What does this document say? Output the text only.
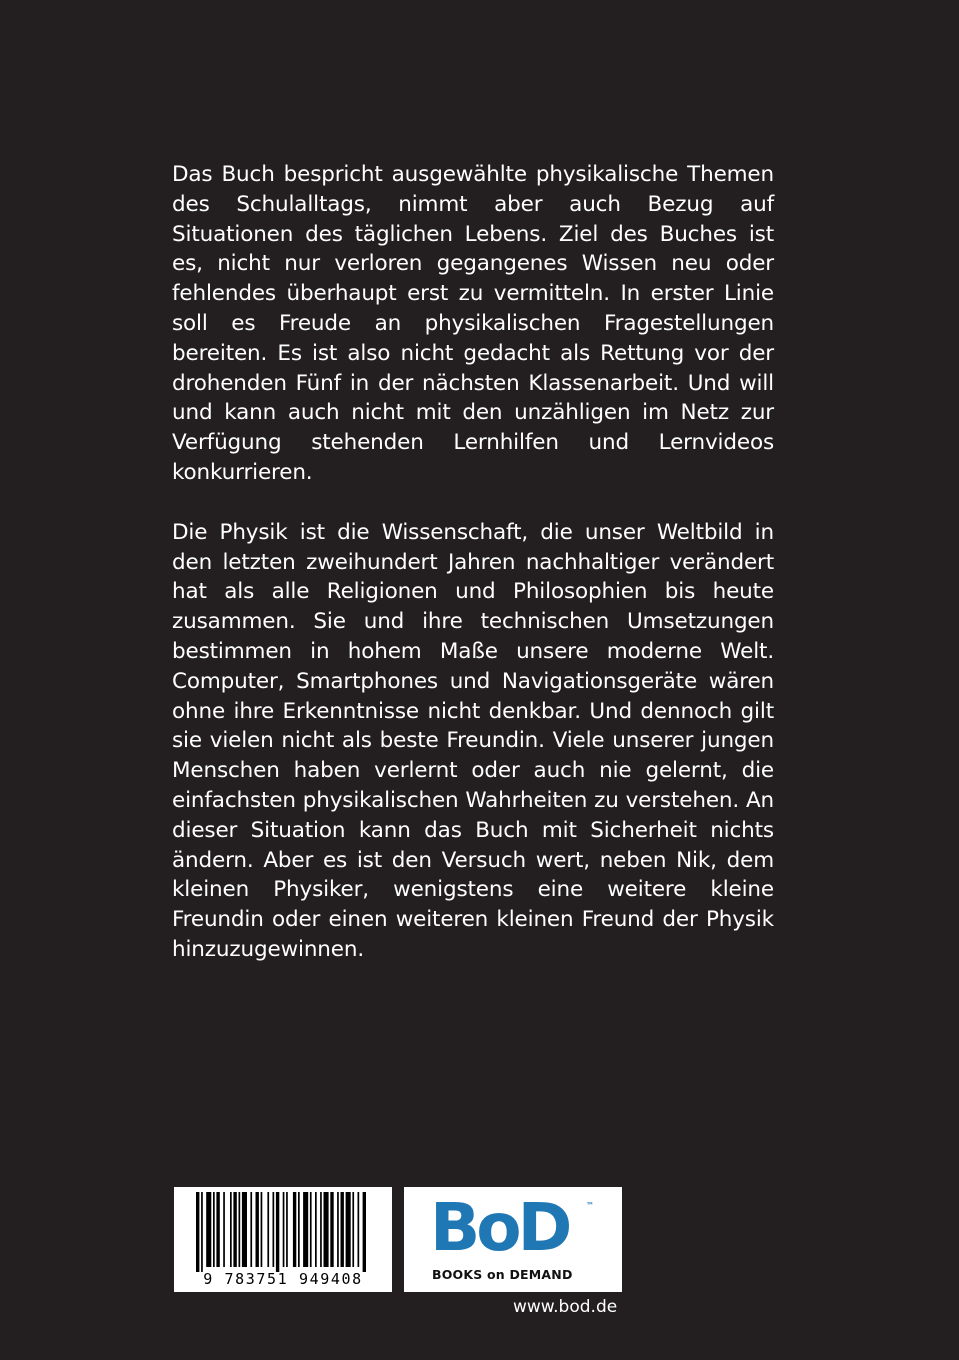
Das Buch bespricht ausgewählte physikalische Themen des Schulalltags, nimmt aber auch Bezug auf Situationen des täglichen Lebens. Ziel des Buches ist es, nicht nur verloren gegangenes Wissen neu oder fehlendes überhaupt erst zu vermitteln. In erster Linie soll es Freude an physikalischen Fragestellungen bereiten. Es ist also nicht gedacht als Rettung vor der drohenden Fünf in der nächsten Klassenarbeit. Und will und kann auch nicht mit den unzähligen im Netz zur Verfügung stehenden Lernhilfen und Lernvideos konkurrieren.

Die Physik ist die Wissenschaft, die unser Weltbild in den letzten zweihundert Jahren nachhaltiger verändert hat als alle Religionen und Philosophien bis heute zusammen. Sie und ihre technischen Umsetzungen bestimmen in hohem Maße unsere moderne Welt. Computer, Smartphones und Navigationsgeräte wären ohne ihre Erkenntnisse nicht denkbar. Und dennoch gilt sie vielen nicht als beste Freundin. Viele unserer jungen Menschen haben verlernt oder auch nie gelernt, die einfachsten physikalischen Wahrheiten zu verstehen. An dieser Situation kann das Buch mit Sicherheit nichts ändern. Aber es ist den Versuch wert, neben Nik, dem kleinen Physiker, wenigstens eine weitere kleine Freundin oder einen weiteren kleinen Freund der Physik hinzuzugewinnen.

9 783751 949408
BoD ™
BOOKS on DEMAND
www.bod.de
